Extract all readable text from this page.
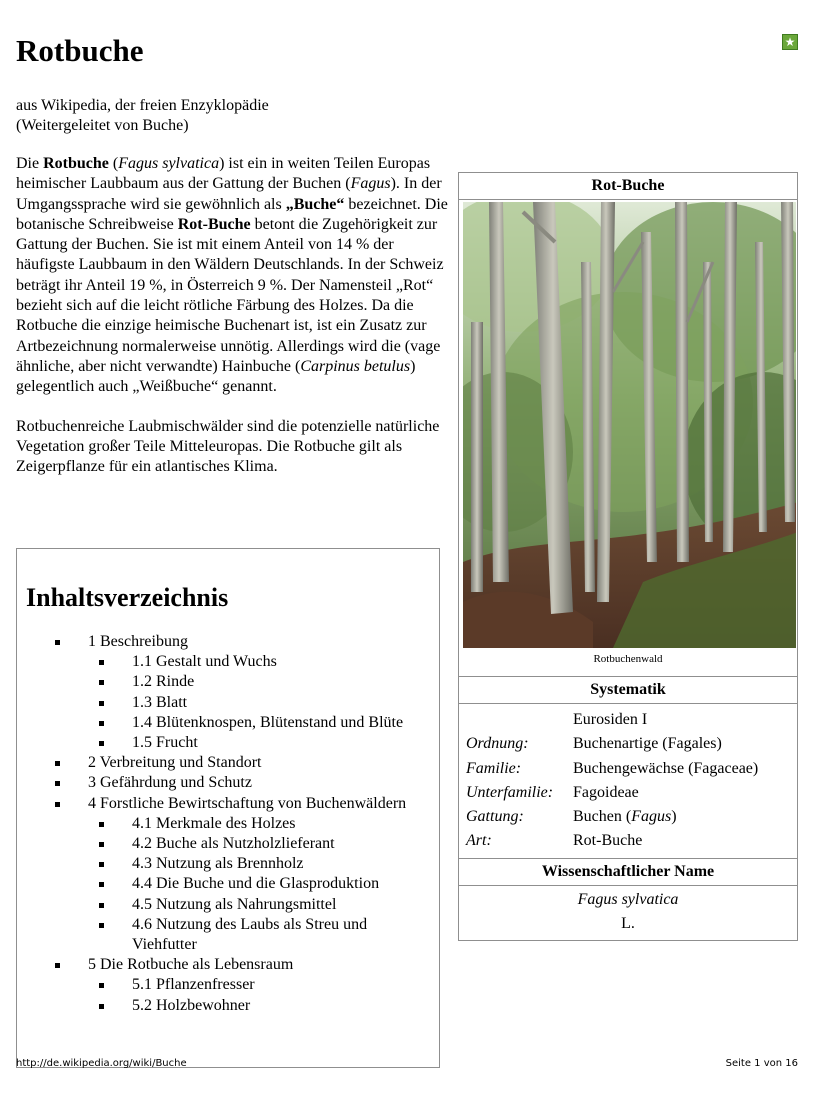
Rotbuche	★
aus Wikipedia, der freien Enzyklopädie
(Weitergeleitet von Buche)

Die Rotbuche (Fagus sylvatica) ist ein in weiten Teilen Europas heimischer Laubbaum aus der Gattung der Buchen (Fagus). In der Umgangssprache wird sie gewöhnlich als „Buche“ bezeichnet. Die botanische Schreibweise Rot-Buche betont die Zugehörigkeit zur Gattung der Buchen. Sie ist mit einem Anteil von 14 % der häufigste Laubbaum in den Wäldern Deutschlands. In der Schweiz beträgt ihr Anteil 19 %, in Österreich 9 %. Der Namensteil „Rot“ bezieht sich auf die leicht rötliche Färbung des Holzes. Da die Rotbuche die einzige heimische Buchenart ist, ist ein Zusatz zur Artbezeichnung normalerweise unnötig. Allerdings wird die (vage ähnliche, aber nicht verwandte) Hainbuche (Carpinus betulus) gelegentlich auch „Weißbuche“ genannt.

Rotbuchenreiche Laubmischwälder sind die potenzielle natürliche Vegetation großer Teile Mitteleuropas. Die Rotbuche gilt als Zeigerpflanze für ein atlantisches Klima.

Inhaltsverzeichnis
1 Beschreibung
1.1 Gestalt und Wuchs
1.2 Rinde
1.3 Blatt
1.4 Blütenknospen, Blütenstand und Blüte
1.5 Frucht
2 Verbreitung und Standort
3 Gefährdung und Schutz
4 Forstliche Bewirtschaftung von Buchenwäldern
4.1 Merkmale des Holzes
4.2 Buche als Nutzholzlieferant
4.3 Nutzung als Brennholz
4.4 Die Buche und die Glasproduktion
4.5 Nutzung als Nahrungsmittel
4.6 Nutzung des Laubs als Streu und Viehfutter
5 Die Rotbuche als Lebensraum
5.1 Pflanzenfresser
5.2 Holzbewohner
Rot-Buche
Rotbuchenwald
Systematik
Eurosiden I
Ordnung:	Buchenartige (Fagales)
Familie:	Buchengewächse (Fagaceae)
Unterfamilie: Fagoideae
Gattung:	Buchen (Fagus)
Art:	Rot-Buche
Wissenschaftlicher Name
Fagus sylvatica
L.
http://de.wikipedia.org/wiki/Buche	Seite 1 von 16
